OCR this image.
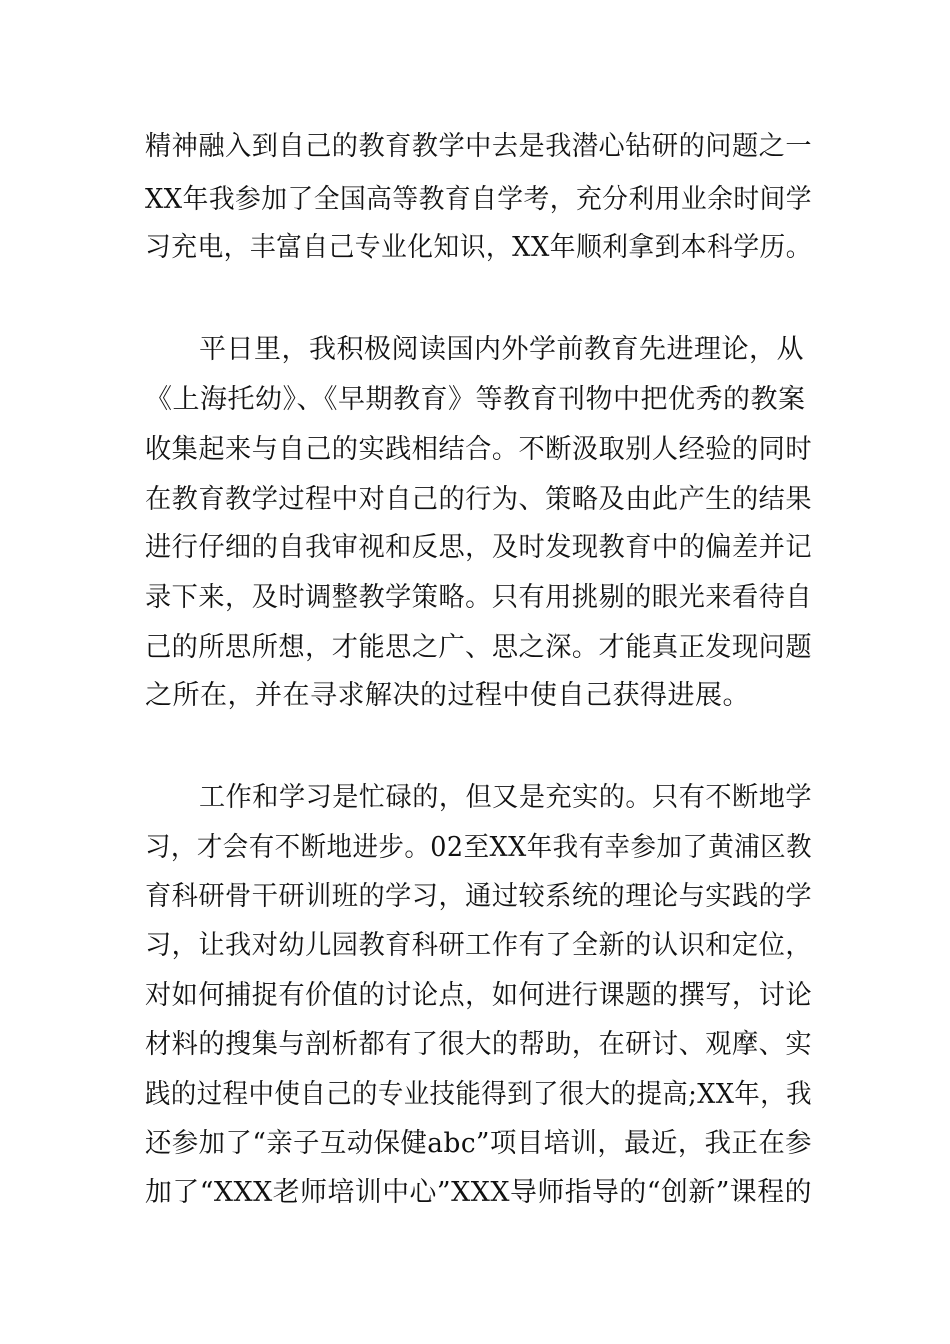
精神融入到自己的教育教学中去是我潜心钻研的问题之一
XX年我参加了全国高等教育自学考，充分利用业余时间学
习充电，丰富自己专业化知识，XX年顺利拿到本科学历。
平日里，我积极阅读国内外学前教育先进理论，从
《上海托幼》、《早期教育》等教育刊物中把优秀的教案
收集起来与自己的实践相结合。不断汲取别人经验的同时
在教育教学过程中对自己的行为、策略及由此产生的结果
进行仔细的自我审视和反思，及时发现教育中的偏差并记
录下来，及时调整教学策略。只有用挑剔的眼光来看待自
己的所思所想，才能思之广、思之深。才能真正发现问题
之所在，并在寻求解决的过程中使自己获得进展。
工作和学习是忙碌的，但又是充实的。只有不断地学
习，才会有不断地进步。02至XX年我有幸参加了黄浦区教
育科研骨干研训班的学习，通过较系统的理论与实践的学
习，让我对幼儿园教育科研工作有了全新的认识和定位，
对如何捕捉有价值的讨论点，如何进行课题的撰写，讨论
材料的搜集与剖析都有了很大的帮助，在研讨、观摩、实
践的过程中使自己的专业技能得到了很大的提高;XX年，我
还参加了“亲子互动保健abc”项目培训，最近，我正在参
加了“XXX老师培训中心”XXX导师指导的“创新”课程的
